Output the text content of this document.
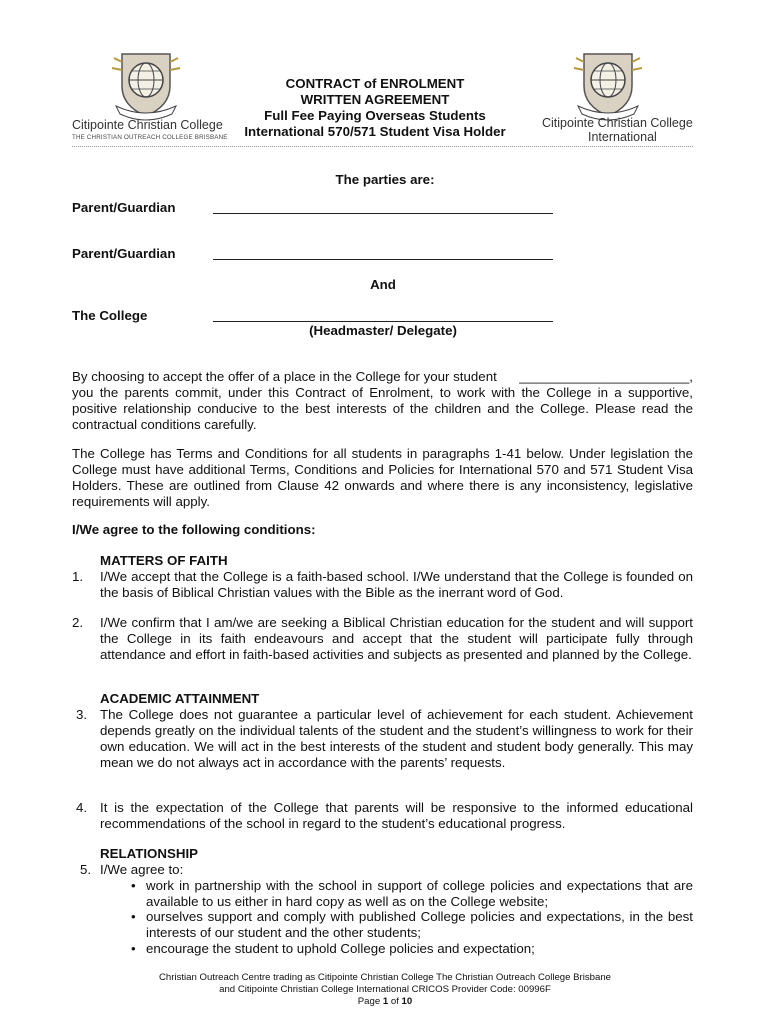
Citipointe Christian College
THE CHRISTIAN OUTREACH COLLEGE BRISBANE
CONTRACT of ENROLMENT
WRITTEN AGREEMENT
Full Fee Paying Overseas Students
International 570/571 Student Visa Holder
Citipointe Christian College
International
The parties are:
Parent/Guardian
Parent/Guardian
And
The College
(Headmaster/ Delegate)
By choosing to accept the offer of a place in the College for your student _______________________,
you the parents commit, under this Contract of Enrolment, to work with the College in a supportive, positive relationship conducive to the best interests of the children and the College. Please read the contractual conditions carefully.
The College has Terms and Conditions for all students in paragraphs 1-41 below. Under legislation the College must have additional Terms, Conditions and Policies for International 570 and 571 Student Visa Holders. These are outlined from Clause 42 onwards and where there is any inconsistency, legislative requirements will apply.
I/We agree to the following conditions:
MATTERS OF FAITH
1. I/We accept that the College is a faith-based school. I/We understand that the College is founded on the basis of Biblical Christian values with the Bible as the inerrant word of God.
2. I/We confirm that I am/we are seeking a Biblical Christian education for the student and will support the College in its faith endeavours and accept that the student will participate fully through attendance and effort in faith-based activities and subjects as presented and planned by the College.
ACADEMIC ATTAINMENT
3. The College does not guarantee a particular level of achievement for each student. Achievement depends greatly on the individual talents of the student and the student’s willingness to work for their own education. We will act in the best interests of the student and student body generally. This may mean we do not always act in accordance with the parents’ requests.
4. It is the expectation of the College that parents will be responsive to the informed educational recommendations of the school in regard to the student’s educational progress.
RELATIONSHIP
5. I/We agree to:
• work in partnership with the school in support of college policies and expectations that are available to us either in hard copy as well as on the College website;
• ourselves support and comply with published College policies and expectations, in the best interests of our student and the other students;
• encourage the student to uphold College policies and expectation;
Christian Outreach Centre trading as Citipointe Christian College The Christian Outreach College Brisbane
and Citipointe Christian College International CRICOS Provider Code: 00996F
Page 1 of 10
